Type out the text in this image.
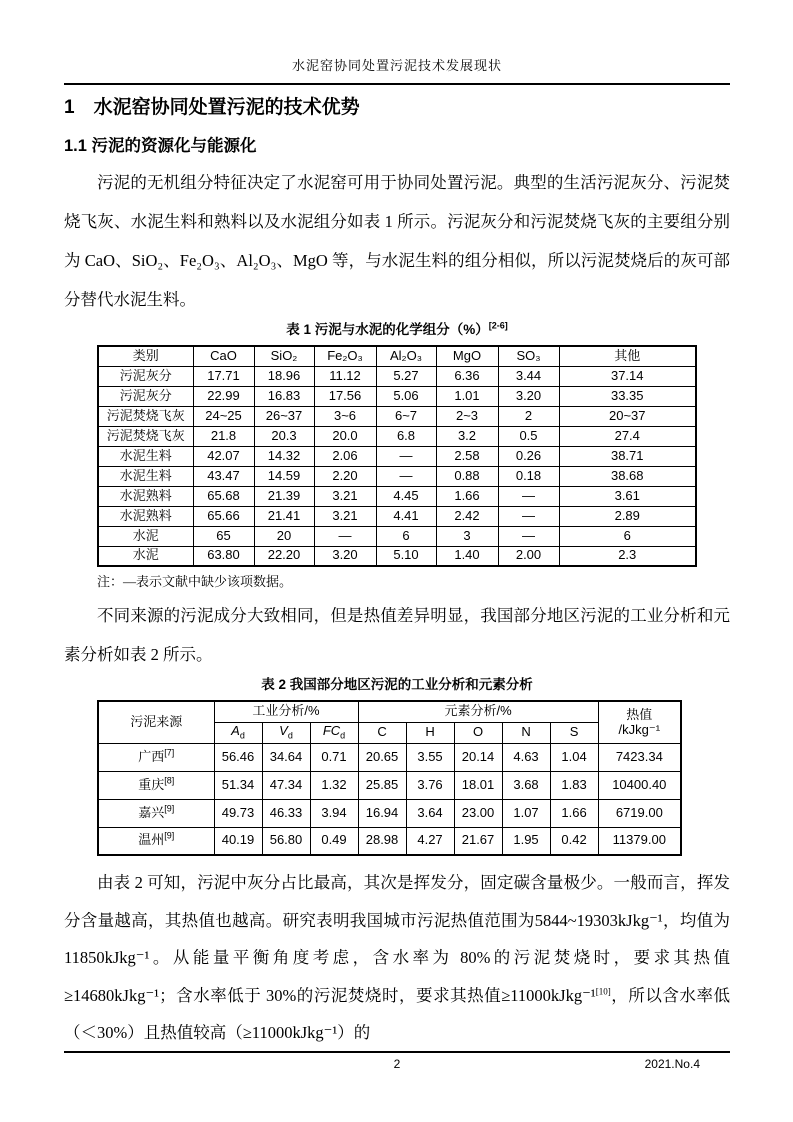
水泥窑协同处置污泥技术发展现状
1　水泥窑协同处置污泥的技术优势
1.1 污泥的资源化与能源化

污泥的无机组分特征决定了水泥窑可用于协同处置污泥。典型的生活污泥灰分、污泥焚烧飞灰、水泥生料和熟料以及水泥组分如表 1 所示。污泥灰分和污泥焚烧飞灰的主要组分别为 CaO、SiO₂、Fe₂O₃、Al₂O₃、MgO 等，与水泥生料的组分相似，所以污泥焚烧后的灰可部分替代水泥生料。

表 1 污泥与水泥的化学组分（%）[2-6]
类别	CaO	SiO₂	Fe₂O₃	Al₂O₃	MgO	SO₃	其他
污泥灰分	17.71	18.96	11.12	5.27	6.36	3.44	37.14
污泥灰分	22.99	16.83	17.56	5.06	1.01	3.20	33.35
污泥焚烧飞灰	24~25	26~37	3~6	6~7	2~3	2	20~37
污泥焚烧飞灰	21.8	20.3	20.0	6.8	3.2	0.5	27.4
水泥生料	42.07	14.32	2.06	—	2.58	0.26	38.71
水泥生料	43.47	14.59	2.20	—	0.88	0.18	38.68
水泥熟料	65.68	21.39	3.21	4.45	1.66	—	3.61
水泥熟料	65.66	21.41	3.21	4.41	2.42	—	2.89
水泥	65	20	—	6	3	—	6
水泥	63.80	22.20	3.20	5.10	1.40	2.00	2.3
注：—表示文献中缺少该项数据。

不同来源的污泥成分大致相同，但是热值差异明显，我国部分地区污泥的工业分析和元素分析如表 2 所示。

表 2 我国部分地区污泥的工业分析和元素分析
污泥来源	工业分析/%			元素分析/%					热值
/kJkg⁻¹

	$A_d$	$V_d$	$FC_d$	C	H	O	N	S	
广西[7]	56.46	34.64	0.71	20.65	3.55	20.14	4.63	1.04	7423.34
重庆[8]	51.34	47.34	1.32	25.85	3.76	18.01	3.68	1.83	10400.40
嘉兴[9]	49.73	46.33	3.94	16.94	3.64	23.00	1.07	1.66	6719.00
温州[9]	40.19	56.80	0.49	28.98	4.27	21.67	1.95	0.42	11379.00

由表 2 可知，污泥中灰分占比最高，其次是挥发分，固定碳含量极少。一般而言，挥发分含量越高，其热值也越高。研究表明我国城市污泥热值范围为5844~19303kJkg⁻¹，均值为 11850kJkg⁻¹。从能量平衡角度考虑，含水率为 80%的污泥焚烧时，要求其热值≥14680kJkg⁻¹；含水率低于 30%的污泥焚烧时，要求其热值≥11000kJkg⁻¹[10]，所以含水率低（＜30%）且热值较高（≥11000kJkg⁻¹）的

2	2021.No.4
